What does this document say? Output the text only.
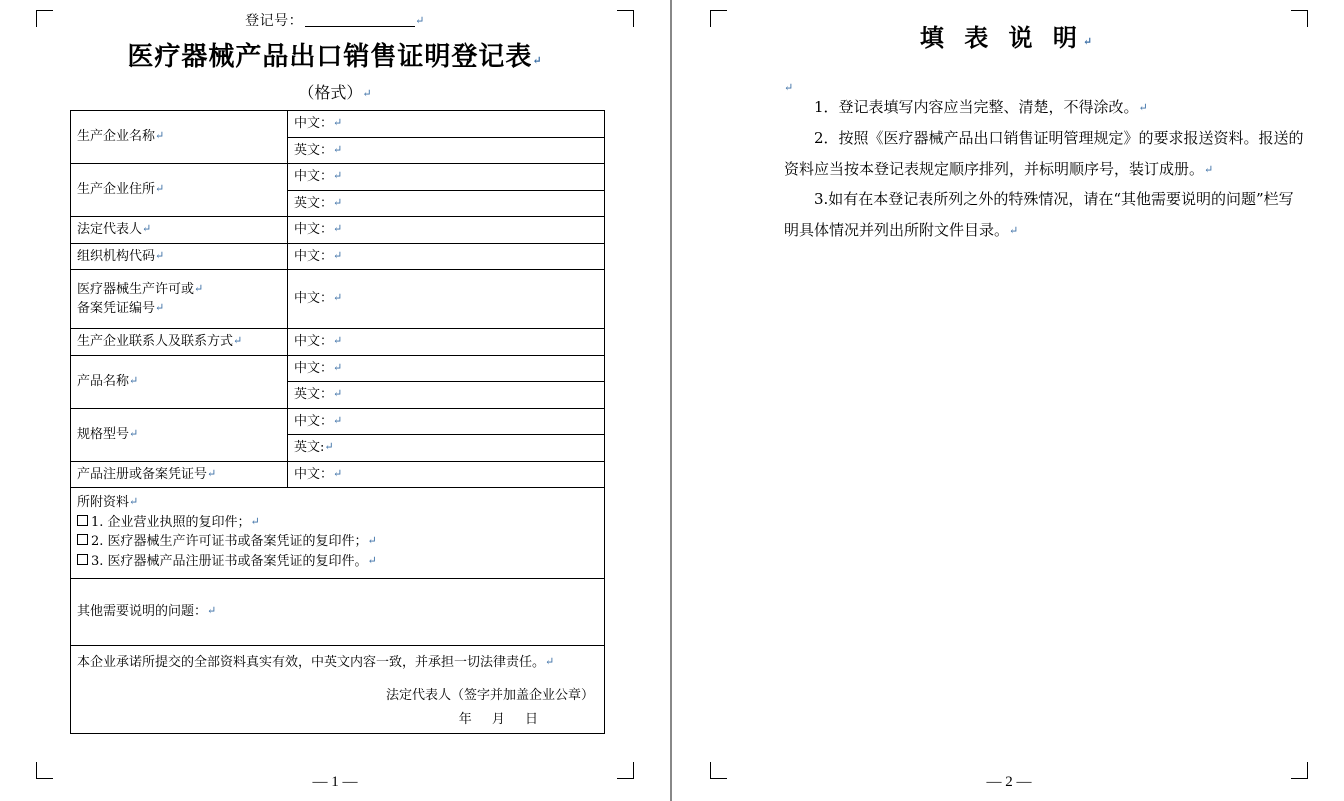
登记号：	↵
医疗器械产品出口销售证明登记表↵
（格式）↵
生产企业名称↵	中文：↵
	英文：↵
生产企业住所↵	中文：↵
	英文：↵
法定代表人↵	中文：↵
组织机构代码↵	中文：↵
医疗器械生产许可或↵
备案凭证编号↵	中文：↵
生产企业联系人及联系方式↵	中文：↵
产品名称↵	中文：↵
	英文：↵
规格型号↵	中文：↵
	英文:↵
产品注册或备案凭证号↵	中文：↵

所附资料↵
1. 企业营业执照的复印件；↵
2. 医疗器械生产许可证书或备案凭证的复印件；↵
3. 医疗器械产品注册证书或备案凭证的复印件。↵	

其他需要说明的问题：↵	
本企业承诺所提交的全部资料真实有效，中英文内容一致，并承担一切法律责任。↵
法定代表人（签字并加盖企业公章）
年 月 日	
— 1 —
填 表 说 明↵
↵

1．登记表填写内容应当完整、清楚，不得涂改。↵

2．按照《医疗器械产品出口销售证明管理规定》的要求报送资料。报送的资料应当按本登记表规定顺序排列，并标明顺序号，装订成册。↵

3.如有在本登记表所列之外的特殊情况，请在“其他需要说明的问题”栏写明具体情况并列出所附文件目录。↵

— 2 —
